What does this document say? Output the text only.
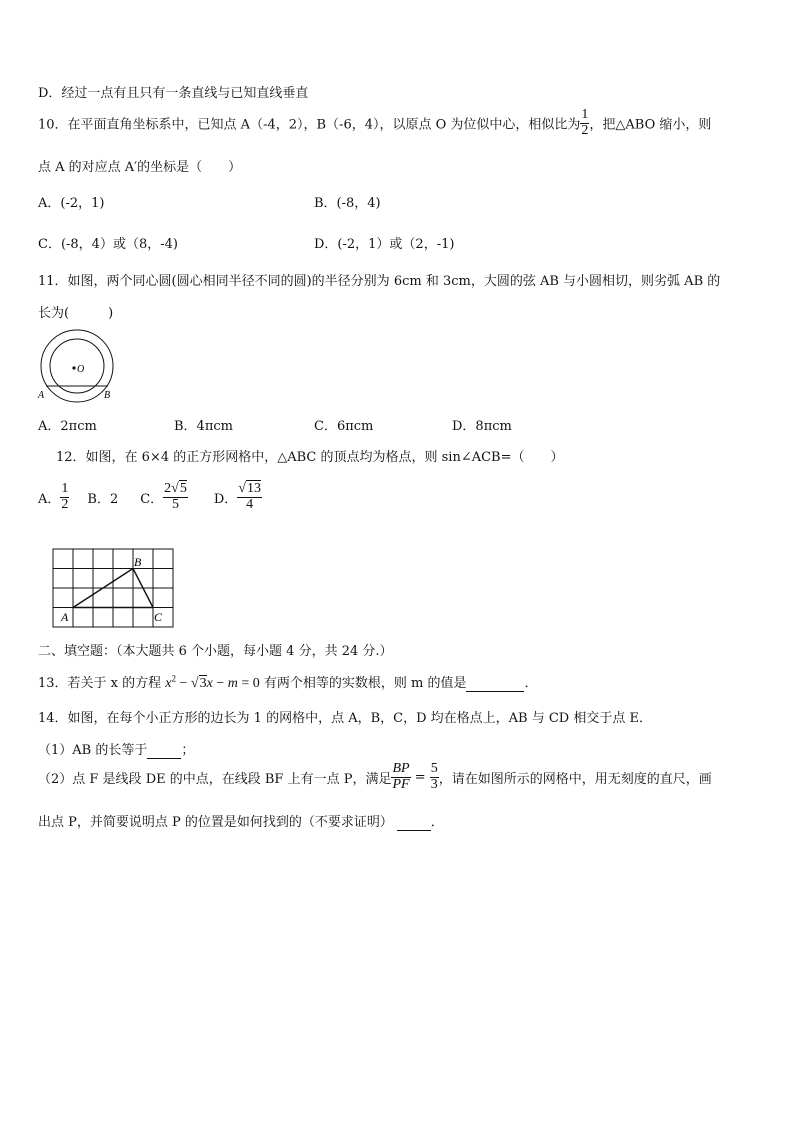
D．经过一点有且只有一条直线与已知直线垂直
10．在平面直角坐标系中，已知点 A（-4，2），B（-6，4），以原点 O 为位似中心，相似比为 $\frac{1}{2}$ ，把△ABO 缩小，则
点 A 的对应点 A′的坐标是（　　）
A．(-2，1)	B．(-8，4)
C．(-8，4）或（8，-4)	D．(-2，1）或（2，-1)
11．如图，两个同心圆(圆心相同半径不同的圆)的半径分别为 6cm 和 3cm，大圆的弦 AB 与小圆相切，则劣弧 AB 的
长为(　　　)
O
A	B
A．2πcm	B．4πcm	C．6πcm	D．8πcm
12．如图，在 6×4 的正方形网格中，△ABC 的顶点均为格点，则 sin∠ACB=（　　）
A． $\frac{1}{2}$ B．2 C． $\frac{2√5}{5}$ D． $\frac{√13}{4}$
A
B
C
二、填空题：（本大题共 6 个小题，每小题 4 分，共 24 分.）
13．若关于 x 的方程 $x^2 - √3x - m = 0$ 有两个相等的实数根，则 m 的值是	．
14．如图，在每个小正方形的边长为 1 的网格中，点 A，B，C，D 均在格点上，AB 与 CD 相交于点 E．
（1）AB 的长等于	；
（2）点 F 是线段 DE 的中点，在线段 BF 上有一点 P，满足 $\frac{BP}{PF} = \frac{5}{3}$ ，请在如图所示的网格中，用无刻度的直尺，画
出点 P，并简要说明点 P 的位置是如何找到的（不要求证明）	．
